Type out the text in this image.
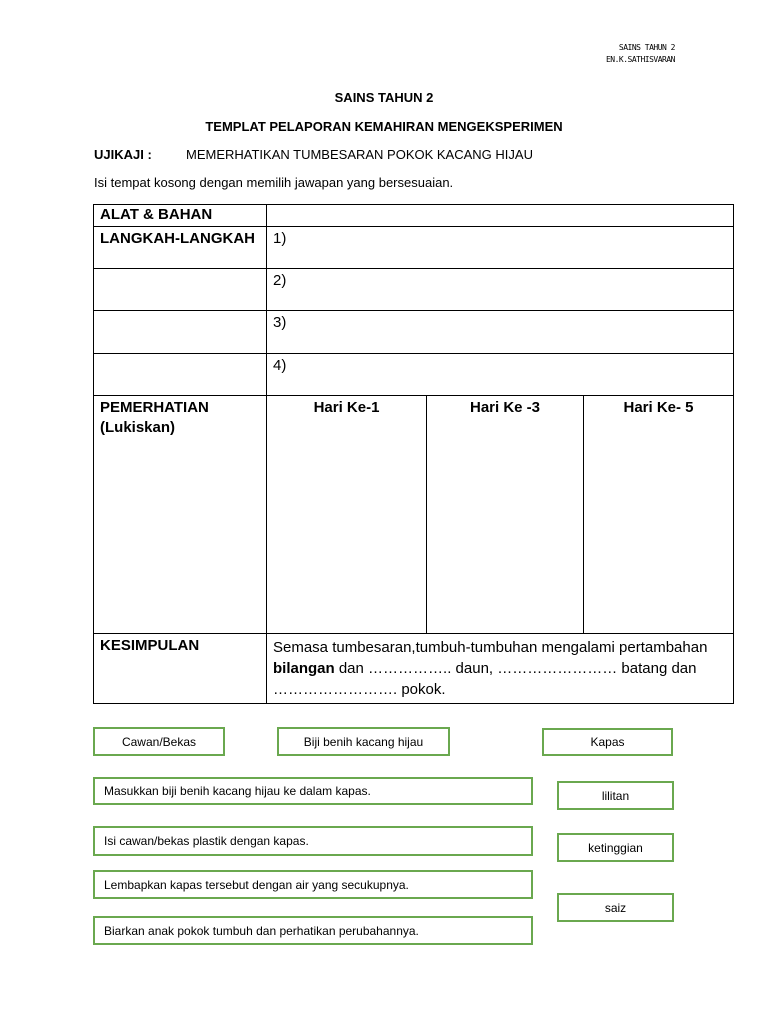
SAINS TAHUN 2
EN.K.SATHISVARAN
SAINS TAHUN 2
TEMPLAT PELAPORAN KEMAHIRAN MENGEKSPERIMEN
UJIKAJI :	MEMERHATIKAN TUMBESARAN POKOK KACANG HIJAU
Isi tempat kosong dengan memilih jawapan yang bersesuaian.
ALAT & BAHAN			
LANGKAH-LANGKAH	1)		
	2)		
	3)		
	4)		

PEMERHATIAN
(Lukiskan)	Hari Ke-1	Hari Ke -3	Hari Ke- 5
KESIMPULAN	Semasa tumbesaran,tumbuh-tumbuhan mengalami pertambahan bilangan dan …………….. daun, …………………… batang dan ……………………. pokok.		
Cawan/Bekas	Biji benih kacang hijau	Kapas
Masukkan biji benih kacang hijau ke dalam kapas.	lilitan
Isi cawan/bekas plastik dengan kapas.	ketinggian
Lembapkan kapas tersebut dengan air yang secukupnya.
saiz
Biarkan anak pokok tumbuh dan perhatikan perubahannya.
